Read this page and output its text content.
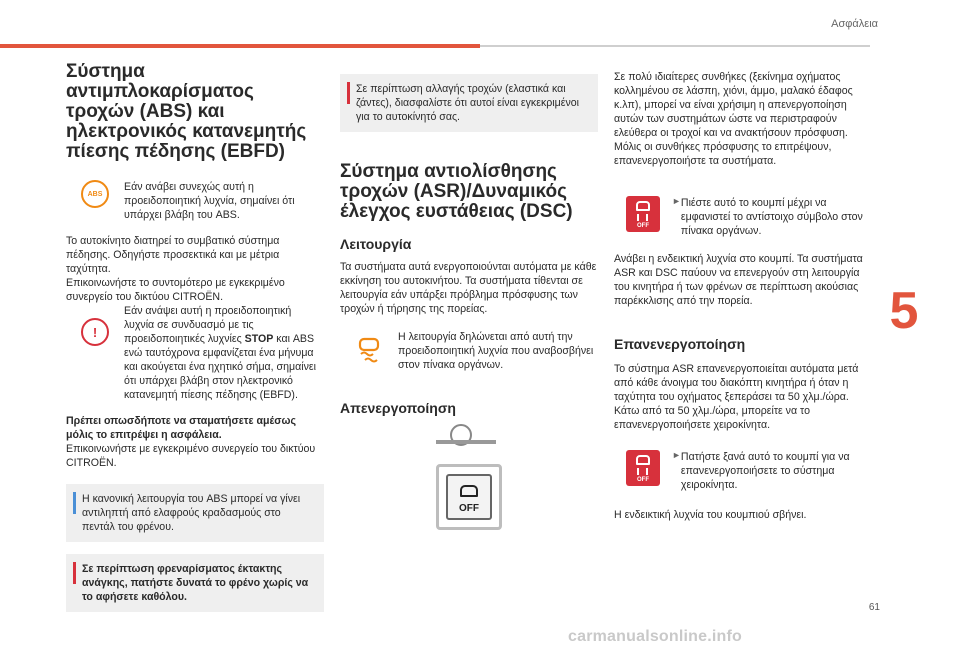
Ασφάλεια
5
61
carmanualsonline.info
Σύστημα αντιμπλοκαρίσματος τροχών (ABS) και ηλεκτρονικός κατανεμητής πίεσης πέδησης (EBFD)
ABS

Εάν ανάβει συνεχώς αυτή η προειδοποιητική λυχνία, σημαίνει ότι υπάρχει βλάβη του ABS.

Το αυτοκίνητο διατηρεί το συμβατικό σύστημα πέδησης. Οδηγήστε προσεκτικά και με μέτρια ταχύτητα.

Επικοινωνήστε το συντομότερο με εγκεκριμένο συνεργείο του δικτύου CITROËN.

!

Εάν ανάψει αυτή η προειδοποιητική λυχνία σε συνδυασμό με τις προειδοποιητικές λυχνίες STOP και ABS ενώ ταυτόχρονα εμφανίζεται ένα μήνυμα και ακούγεται ένα ηχητικό σήμα, σημαίνει ότι υπάρχει βλάβη στον ηλεκτρονικό κατανεμητή πίεσης πέδησης (EBFD).

Πρέπει οπωσδήποτε να σταματήσετε αμέσως μόλις το επιτρέψει η ασφάλεια.

Επικοινωνήστε με εγκεκριμένο συνεργείο του δικτύου CITROËN.

Η κανονική λειτουργία του ABS μπορεί να γίνει αντιληπτή από ελαφρούς κραδασμούς στο πεντάλ του φρένου.

Σε περίπτωση φρεναρίσματος έκτακτης ανάγκης, πατήστε δυνατά το φρένο χωρίς να το αφήσετε καθόλου.

Σε περίπτωση αλλαγής τροχών (ελαστικά και ζάντες), διασφαλίστε ότι αυτοί είναι εγκεκριμένοι για το αυτοκίνητό σας.

Σύστημα αντιολίσθησης τροχών (ASR)/Δυναμικός έλεγχος ευστάθειας (DSC)
Λειτουργία

Τα συστήματα αυτά ενεργοποιούνται αυτόματα με κάθε εκκίνηση του αυτοκινήτου. Τα συστήματα τίθενται σε λειτουργία εάν υπάρξει πρόβλημα πρόσφυσης των τροχών ή τήρησης της πορείας.

Η λειτουργία δηλώνεται από αυτή την προειδοποιητική λυχνία που αναβοσβήνει στον πίνακα οργάνων.

Απενεργοποίηση
OFF

Σε πολύ ιδιαίτερες συνθήκες (ξεκίνημα οχήματος κολλημένου σε λάσπη, χιόνι, άμμο, μαλακό έδαφος κ.λπ), μπορεί να είναι χρήσιμη η απενεργοποίηση αυτών των συστημάτων ώστε να περιστραφούν ελεύθερα οι τροχοί και να ανακτήσουν πρόσφυση. Μόλις οι συνθήκες πρόσφυσης το επιτρέψουν, επανενεργοποιήστε τα συστήματα.

OFF
► Πιέστε αυτό το κουμπί μέχρι να εμφανιστεί το αντίστοιχο σύμβολο στον πίνακα οργάνων.

Ανάβει η ενδεικτική λυχνία στο κουμπί. Τα συστήματα ASR και DSC παύουν να επενεργούν στη λειτουργία του κινητήρα ή των φρένων σε περίπτωση ακούσιας παρέκκλισης από την πορεία.

Επανενεργοποίηση

Το σύστημα ASR επανενεργοποιείται αυτόματα μετά από κάθε άνοιγμα του διακόπτη κινητήρα ή όταν η ταχύτητα του οχήματος ξεπεράσει τα 50 χλμ./ώρα. Κάτω από τα 50 χλμ./ώρα, μπορείτε να το επανενεργοποιήσετε χειροκίνητα.

OFF
► Πατήστε ξανά αυτό το κουμπί για να επανενεργοποιήσετε το σύστημα χειροκίνητα.

Η ενδεικτική λυχνία του κουμπιού σβήνει.
